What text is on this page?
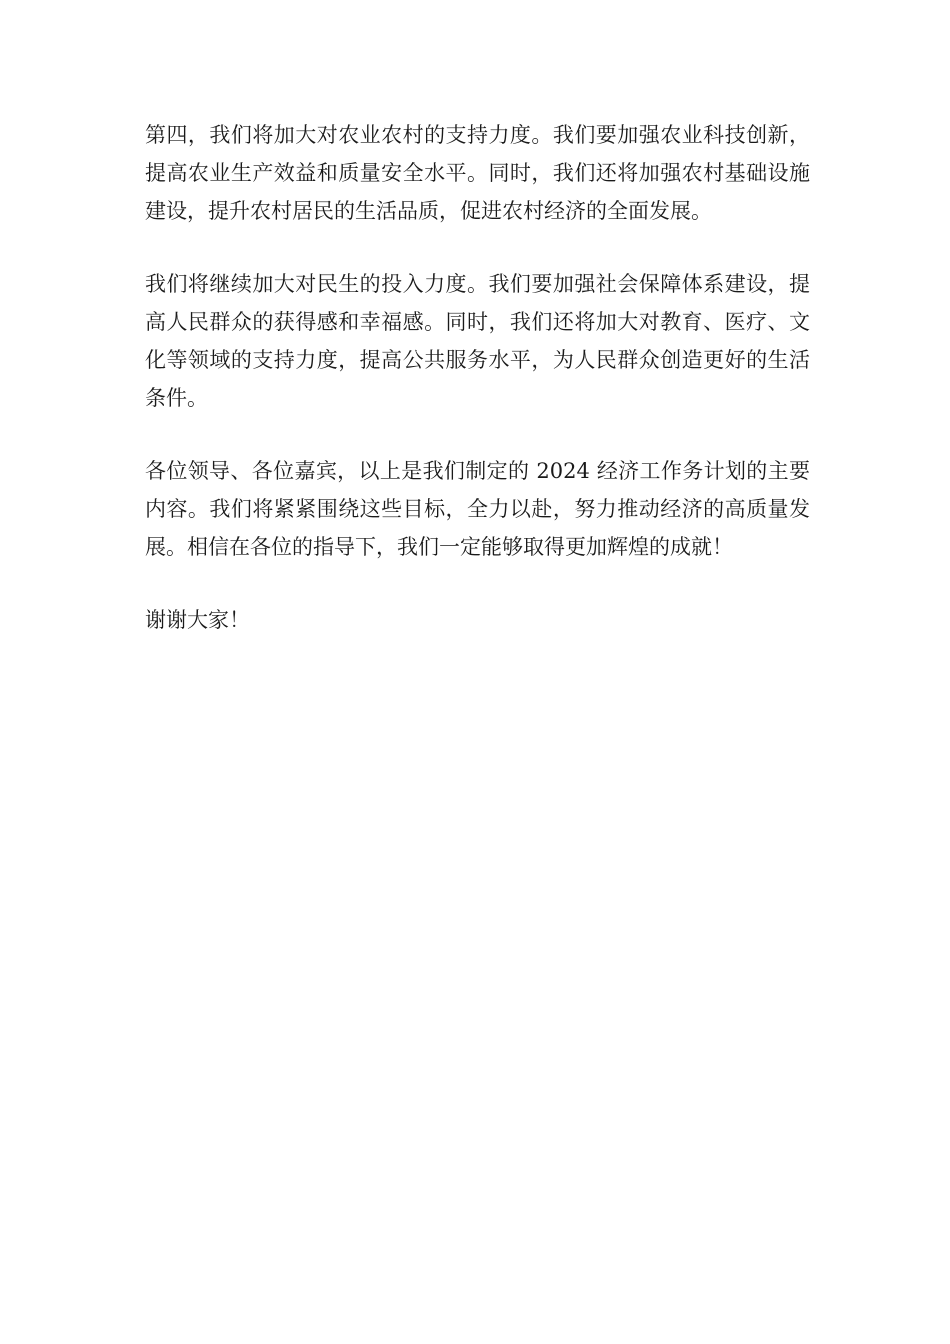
第四，我们将加大对农业农村的支持力度。我们要加强农业科技创新，提高农业生产效益和质量安全水平。同时，我们还将加强农村基础设施建设，提升农村居民的生活品质，促进农村经济的全面发展。

我们将继续加大对民生的投入力度。我们要加强社会保障体系建设，提高人民群众的获得感和幸福感。同时，我们还将加大对教育、医疗、文化等领域的支持力度，提高公共服务水平，为人民群众创造更好的生活条件。

各位领导、各位嘉宾，以上是我们制定的 2024 经济工作务计划的主要内容。我们将紧紧围绕这些目标，全力以赴，努力推动经济的高质量发展。相信在各位的指导下，我们一定能够取得更加辉煌的成就！

谢谢大家！
